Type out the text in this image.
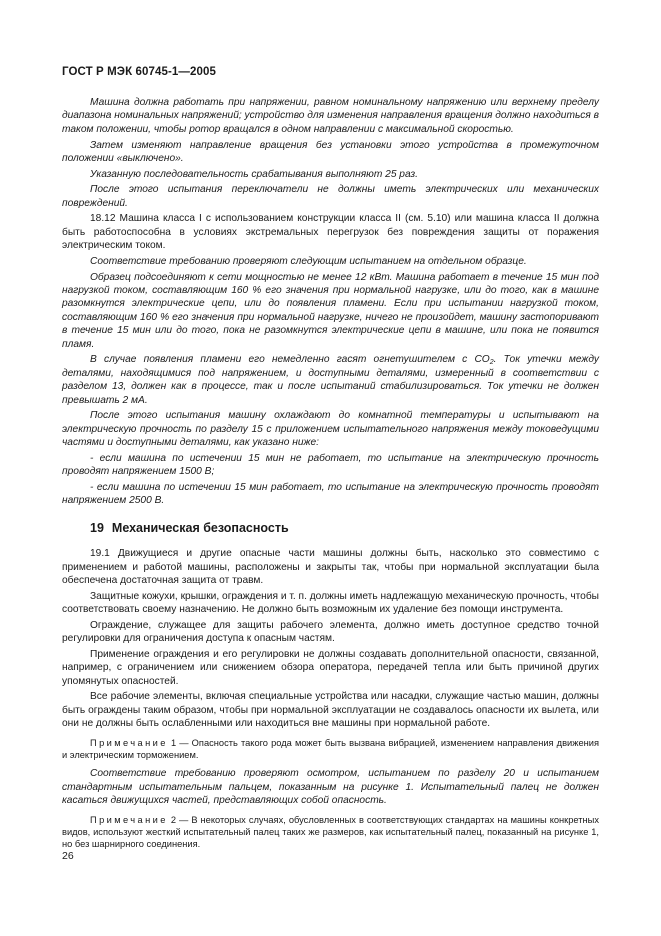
ГОСТ Р МЭК 60745-1—2005

Машина должна работать при напряжении, равном номинальному напряжению или верхнему пределу диапазона номинальных напряжений; устройство для изменения направления вращения должно находиться в таком положении, чтобы ротор вращался в одном направлении с максимальной скоростью.

Затем изменяют направление вращения без установки этого устройства в промежуточном положении «выключено».

Указанную последовательность срабатывания выполняют 25 раз.

После этого испытания переключатели не должны иметь электрических или механических повреждений.

18.12 Машина класса I с использованием конструкции класса II (см. 5.10) или машина класса II должна быть работоспособна в условиях экстремальных перегрузок без повреждения защиты от поражения электрическим током.

Соответствие требованию проверяют следующим испытанием на отдельном образце.

Образец подсоединяют к сети мощностью не менее 12 кВт. Машина работает в течение 15 мин под нагрузкой током, составляющим 160 % его значения при нормальной нагрузке, или до того, как в машине разомкнутся электрические цепи, или до появления пламени. Если при испытании нагрузкой током, составляющим 160 % его значения при нормальной нагрузке, ничего не произойдет, машину застопоривают в течение 15 мин или до того, пока не разомкнутся электрические цепи в машине, или пока не появится пламя.

В случае появления пламени его немедленно гасят огнетушителем с $CO_2$. Ток утечки между деталями, находящимися под напряжением, и доступными деталями, измеренный в соответствии с разделом 13, должен как в процессе, так и после испытаний стабилизироваться. Ток утечки не должен превышать 2 мА.

После этого испытания машину охлаждают до комнатной температуры и испытывают на электрическую прочность по разделу 15 с приложением испытательного напряжения между токоведущими частями и доступными деталями, как указано ниже:

- если машина по истечении 15 мин не работает, то испытание на электрическую прочность проводят напряжением 1500 В;

- если машина по истечении 15 мин работает, то испытание на электрическую прочность проводят напряжением 2500 В.

19 Механическая безопасность

19.1 Движущиеся и другие опасные части машины должны быть, насколько это совместимо с применением и работой машины, расположены и закрыты так, чтобы при нормальной эксплуатации была обеспечена достаточная защита от травм.

Защитные кожухи, крышки, ограждения и т. п. должны иметь надлежащую механическую прочность, чтобы соответствовать своему назначению. Не должно быть возможным их удаление без помощи инструмента.

Ограждение, служащее для защиты рабочего элемента, должно иметь доступное средство точной регулировки для ограничения доступа к опасным частям.

Применение ограждения и его регулировки не должны создавать дополнительной опасности, связанной, например, с ограничением или снижением обзора оператора, передачей тепла или быть причиной других упомянутых опасностей.

Все рабочие элементы, включая специальные устройства или насадки, служащие частью машин, должны быть ограждены таким образом, чтобы при нормальной эксплуатации не создавалось опасности их вылета, или они не должны быть ослабленными или находиться вне машины при нормальной работе.

Примечание 1 — Опасность такого рода может быть вызвана вибрацией, изменением направления движения и электрическим торможением.

Соответствие требованию проверяют осмотром, испытанием по разделу 20 и испытанием стандартным испытательным пальцем, показанным на рисунке 1. Испытательный палец не должен касаться движущихся частей, представляющих собой опасность.

Примечание 2 — В некоторых случаях, обусловленных в соответствующих стандартах на машины конкретных видов, используют жесткий испытательный палец таких же размеров, как испытательный палец, показанный на рисунке 1, но без шарнирного соединения.

26
